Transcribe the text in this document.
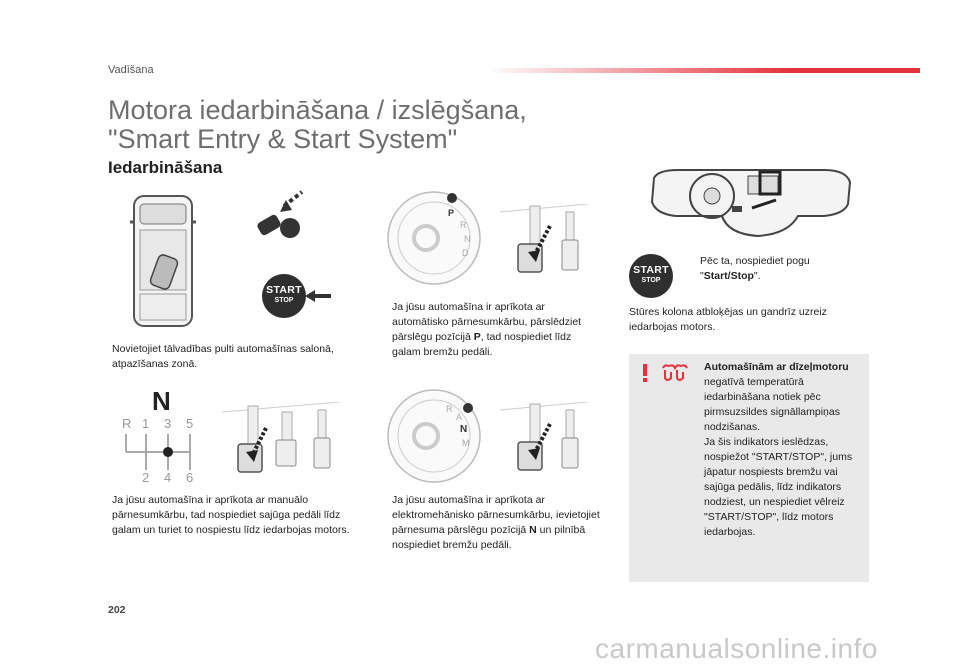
Vadīšana
Motora iedarbināšana / izslēgšana,
"Smart Entry & Start System"
Iedarbināšana
START
STOP
Novietojiet tālvadības pulti automašīnas salonā, atpazīšanas zonā.
P
R
N
D
Ja jūsu automašīna ir aprīkota ar automātisko pārnesumkārbu, pārslēdziet pārslēgu pozīcijā P, tad nospiediet līdz galam bremžu pedāli.
N
R 1 3 5
2 4 6
Ja jūsu automašīna ir aprīkota ar manuālo pārnesumkārbu, tad nospiediet sajūga pedāli līdz galam un turiet to nospiestu līdz iedarbojas motors.
R
A
N
M
Ja jūsu automašīna ir aprīkota ar elektromehānisko pārnesumkārbu, ievietojiet pārnesuma pārslēgu pozīcijā N un pilnībā nospiediet bremžu pedāli.
START
STOP
Pēc ta, nospiediet pogu "Start/Stop".
Stūres kolona atbloķējas un gandrīz uzreiz iedarbojas motors.
Automašīnām ar dīzeļmotoru negatīvā temperatūrā iedarbināšana notiek pēc pirmsuzsildes signāllampiņas nodzišanas.
Ja šis indikators ieslēdzas, nospiežot "START/STOP", jums jāpatur nospiests bremžu vai sajūga pedālis, līdz indikators nodziest, un nespiediet vēlreiz "START/STOP", līdz motors iedarbojas.
202
carmanualsonline.info
